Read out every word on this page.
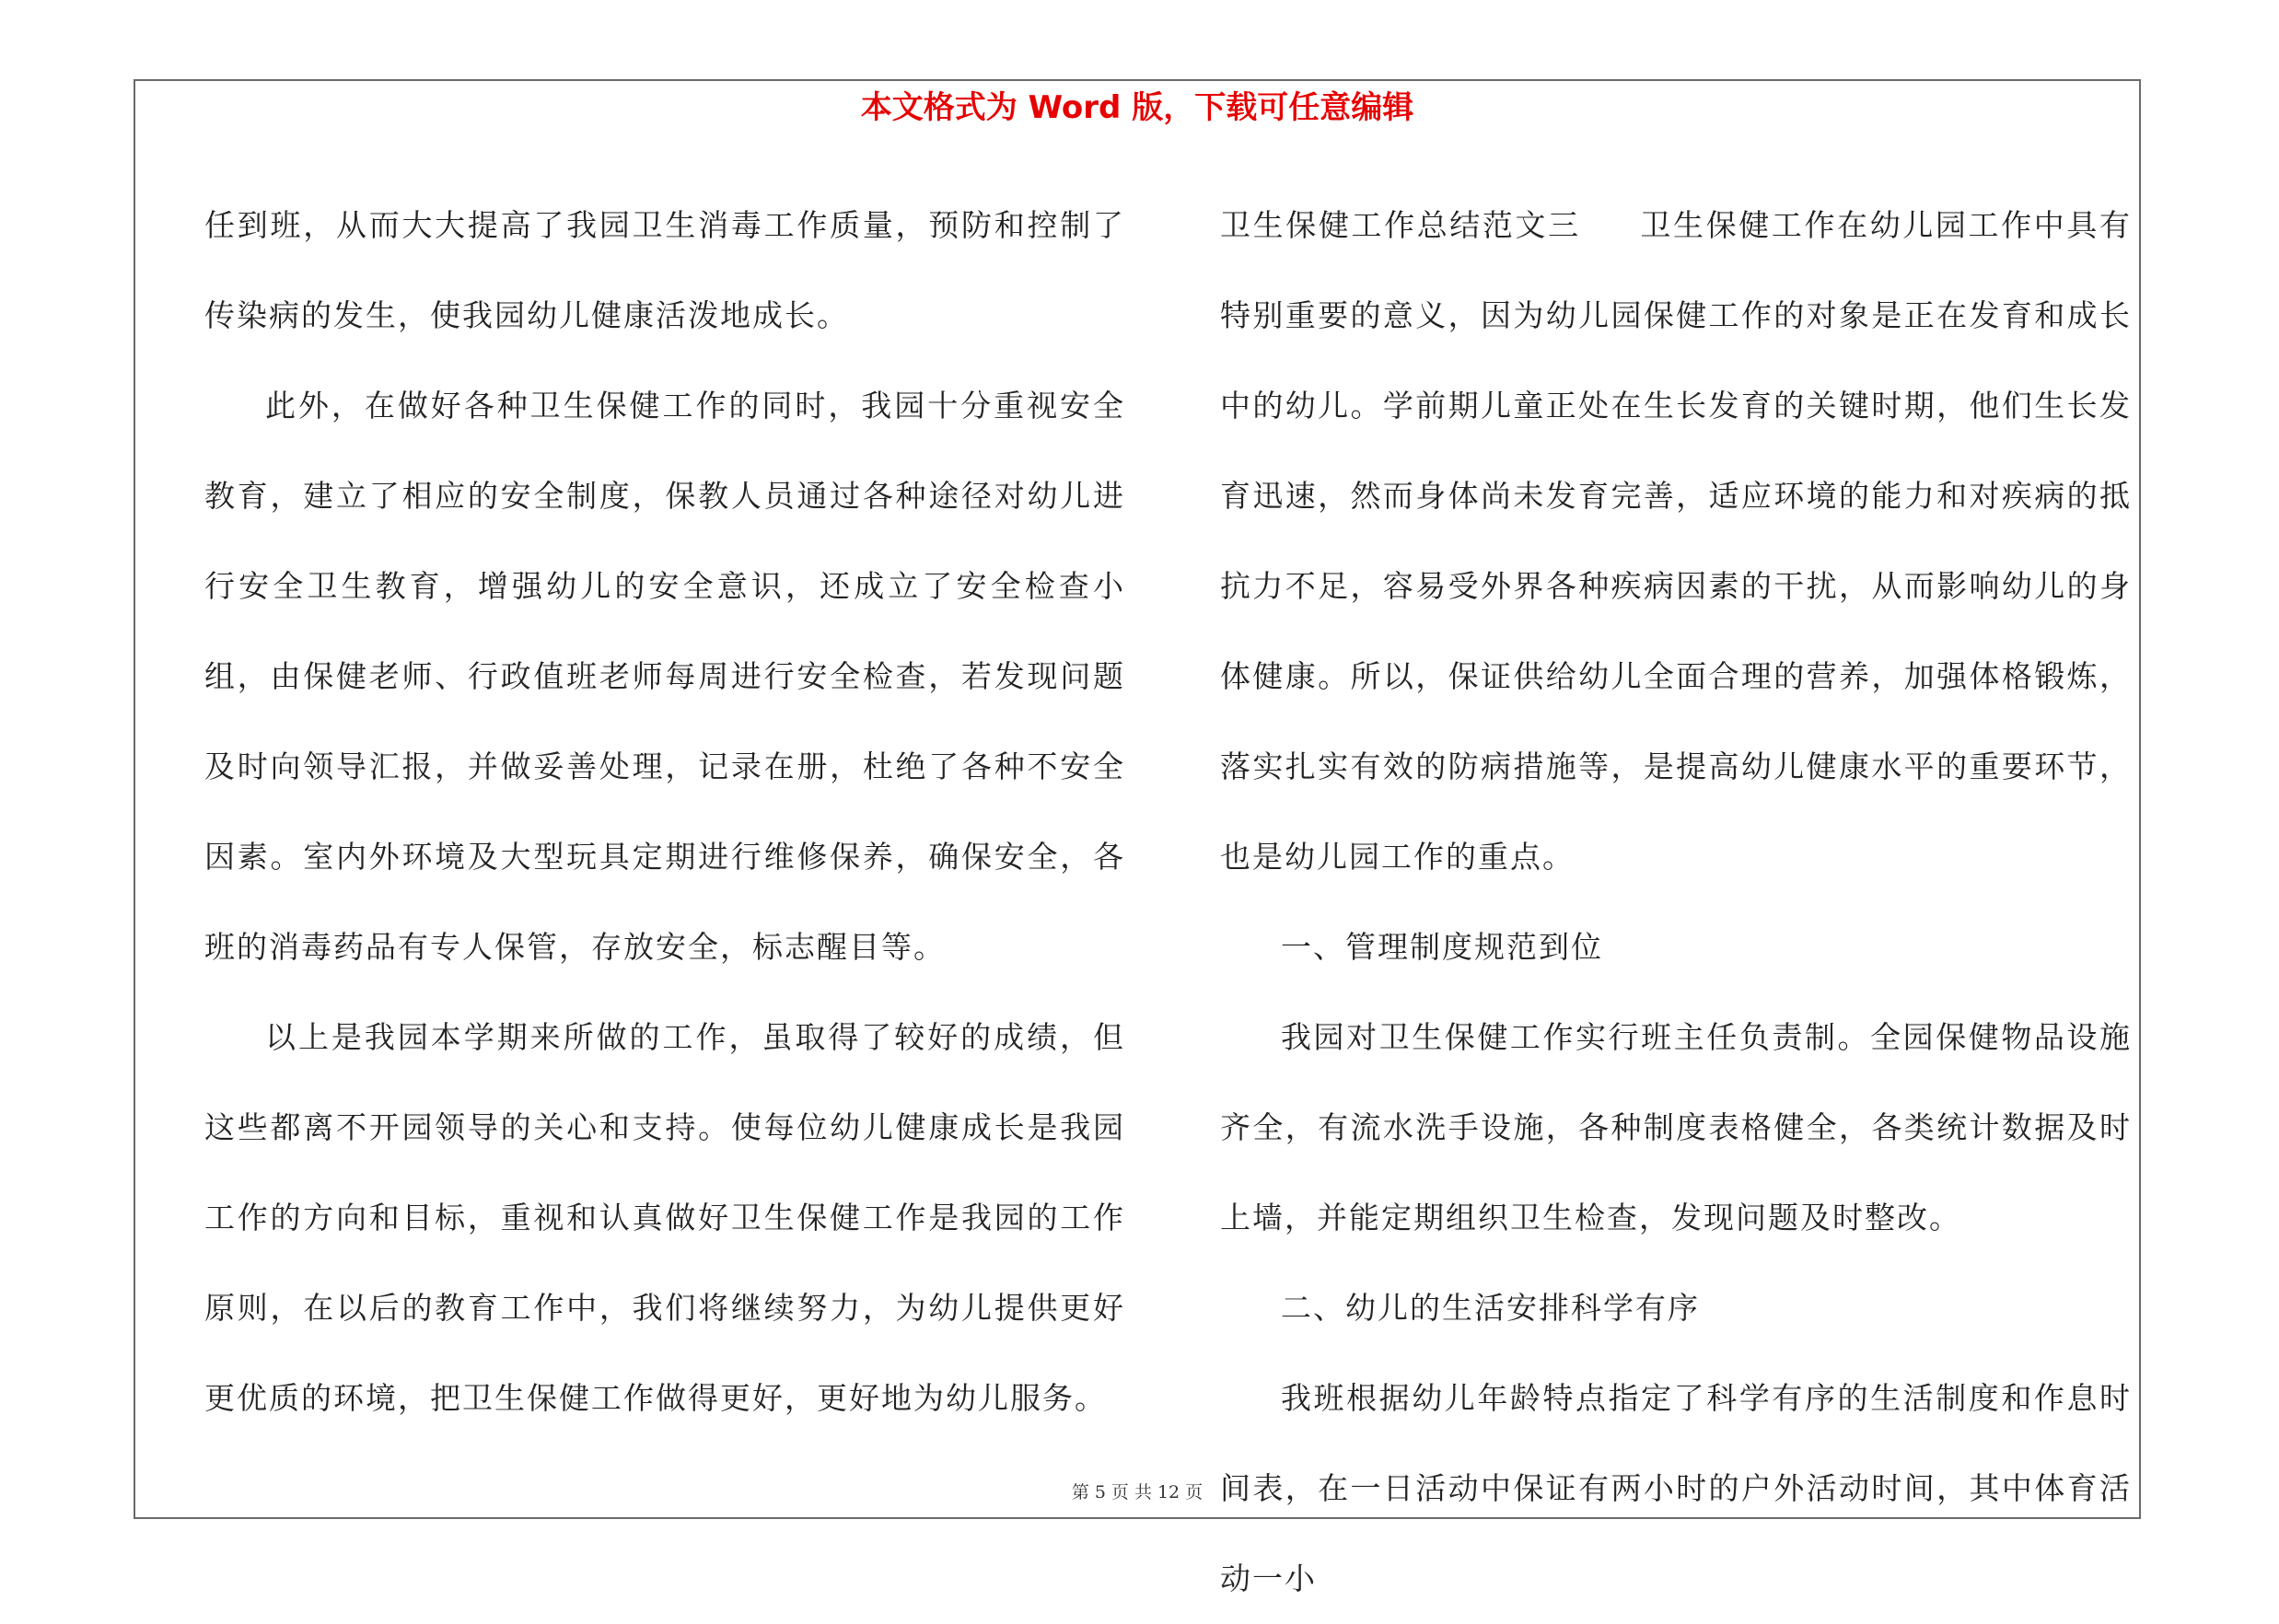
本文格式为 Word 版，下载可任意编辑

任到班，从而大大提高了我园卫生消毒工作质量，预防和控制了传染病的发生，使我园幼儿健康活泼地成长。

此外，在做好各种卫生保健工作的同时，我园十分重视安全教育，建立了相应的安全制度，保教人员通过各种途径对幼儿进行安全卫生教育，增强幼儿的安全意识，还成立了安全检查小组，由保健老师、行政值班老师每周进行安全检查，若发现问题及时向领导汇报，并做妥善处理，记录在册，杜绝了各种不安全因素。室内外环境及大型玩具定期进行维修保养，确保安全，各班的消毒药品有专人保管，存放安全，标志醒目等。

以上是我园本学期来所做的工作，虽取得了较好的成绩，但这些都离不开园领导的关心和支持。使每位幼儿健康成长是我园工作的方向和目标，重视和认真做好卫生保健工作是我园的工作原则，在以后的教育工作中，我们将继续努力，为幼儿提供更好更优质的环境，把卫生保健工作做得更好，更好地为幼儿服务。

卫生保健工作总结范文三 卫生保健工作在幼儿园工作中具有特别重要的意义，因为幼儿园保健工作的对象是正在发育和成长中的幼儿。学前期儿童正处在生长发育的关键时期，他们生长发育迅速，然而身体尚未发育完善，适应环境的能力和对疾病的抵抗力不足，容易受外界各种疾病因素的干扰，从而影响幼儿的身体健康。所以，保证供给幼儿全面合理的营养，加强体格锻炼，落实扎实有效的防病措施等，是提高幼儿健康水平的重要环节，也是幼儿园工作的重点。

一、管理制度规范到位

我园对卫生保健工作实行班主任负责制。全园保健物品设施齐全，有流水洗手设施，各种制度表格健全，各类统计数据及时上墙，并能定期组织卫生检查，发现问题及时整改。

二、幼儿的生活安排科学有序

我班根据幼儿年龄特点指定了科学有序的生活制度和作息时间表，在一日活动中保证有两小时的户外活动时间，其中体育活动一小

第 5 页 共 12 页
